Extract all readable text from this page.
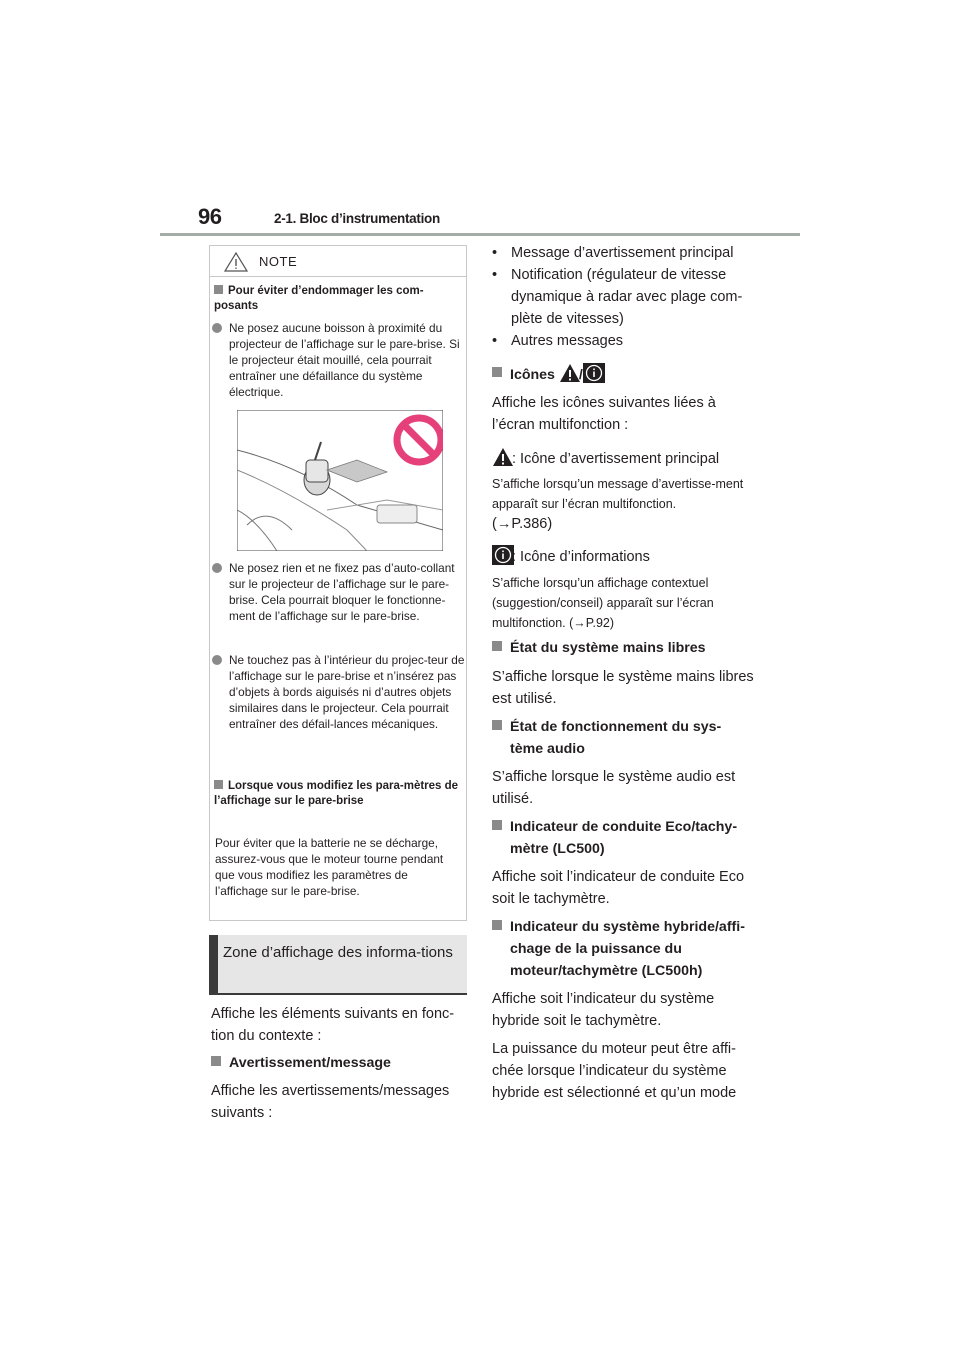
96	2-1. Bloc d’instrumentation
NOTE
Pour éviter d’endommager les com-posants
Ne posez aucune boisson à proximité du projecteur de l’affichage sur le pare-brise. Si le projecteur était mouillé, cela pourrait entraîner une défaillance du système électrique.
Ne posez rien et ne fixez pas d’auto-collant sur le projecteur de l’affichage sur le pare-brise. Cela pourrait bloquer le fonctionne-ment de l’affichage sur le pare-brise.
Ne touchez pas à l’intérieur du projec-teur de l’affichage sur le pare-brise et n’insérez pas d’objets à bords aiguisés ni d’autres objets similaires dans le projecteur. Cela pourrait entraîner des défail-lances mécaniques.
Lorsque vous modifiez les para-mètres de l’affichage sur le pare-brise
Pour éviter que la batterie ne se décharge, assurez-vous que le moteur tourne pendant que vous modifiez les paramètres de l’affichage sur le pare-brise.
Zone d’affichage des informa-tions
Affiche les éléments suivants en fonc-tion du contexte :
Avertissement/message
Affiche les avertissements/messages suivants :
• Message d’avertissement principal
• Notification (régulateur de vitesse dynamique à radar avec plage com-plète de vitesses)
• Autres messages
Icônes /
Affiche les icônes suivantes liées à l’écran multifonction :
: Icône d’avertissement principal
S’affiche lorsqu’un message d’avertisse-ment apparaît sur l’écran multifonction.
(→P.386)
: Icône d’informations
S’affiche lorsqu’un affichage contextuel (suggestion/conseil) apparaît sur l’écran multifonction. (→P.92)
État du système mains libres
S’affiche lorsque le système mains libres est utilisé.
État de fonctionnement du sys-tème audio
S’affiche lorsque le système audio est utilisé.
Indicateur de conduite Eco/tachy-mètre (LC500)
Affiche soit l’indicateur de conduite Eco soit le tachymètre.
Indicateur du système hybride/affi-chage de la puissance du moteur/tachymètre (LC500h)
Affiche soit l’indicateur du système hybride soit le tachymètre.
La puissance du moteur peut être affi-chée lorsque l’indicateur du système hybride est sélectionné et qu’un mode
